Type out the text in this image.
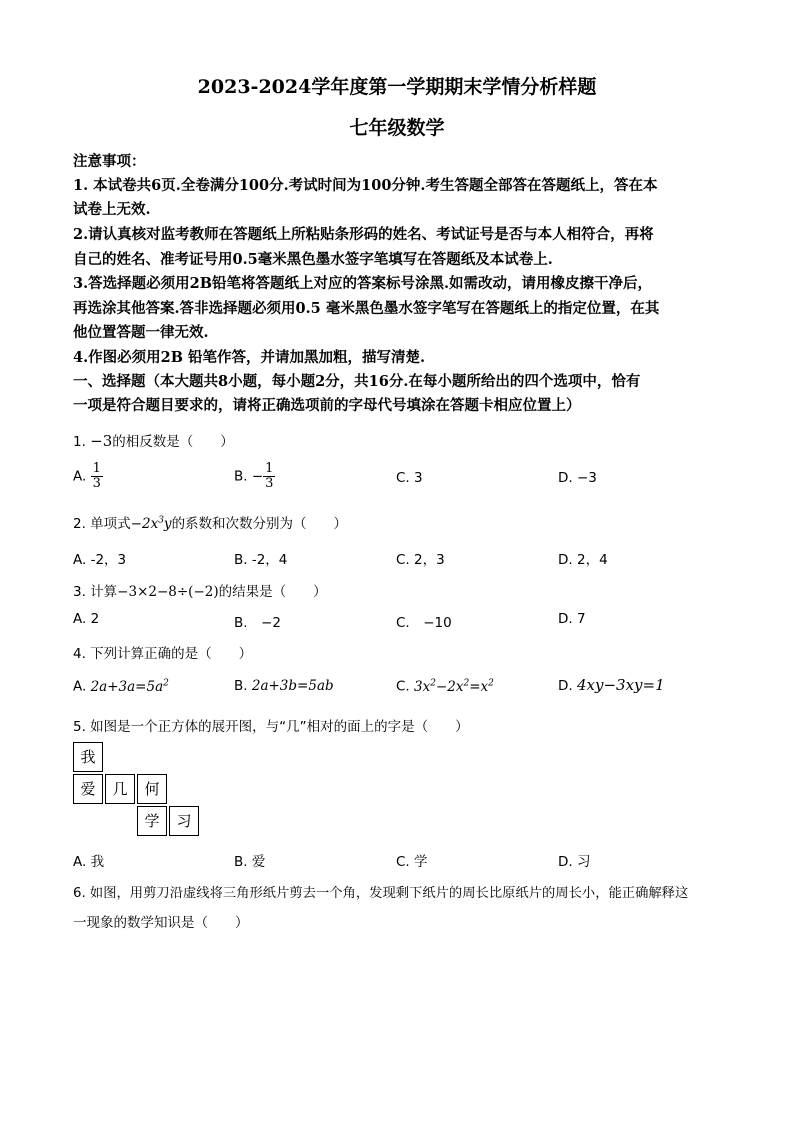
2023-2024学年度第一学期期末学情分析样题
七年级数学
注意事项：
1. 本试卷共6页.全卷满分100分.考试时间为100分钟.考生答题全部答在答题纸上，答在本
试卷上无效.
2.请认真核对监考教师在答题纸上所粘贴条形码的姓名、考试证号是否与本人相符合，再将
自己的姓名、准考证号用0.5毫米黑色墨水签字笔填写在答题纸及本试卷上.
3.答选择题必须用2B铅笔将答题纸上对应的答案标号涂黑.如需改动，请用橡皮擦干净后，
再选涂其他答案.答非选择题必须用0.5 毫米黑色墨水签字笔写在答题纸上的指定位置，在其
他位置答题一律无效.
4.作图必须用2B 铅笔作答，并请加黑加粗，描写清楚.
一、选择题（本大题共8小题，每小题2分，共16分.在每小题所给出的四个选项中，恰有
一项是符合题目要求的，请将正确选项前的字母代号填涂在答题卡相应位置上）
1. −3的相反数是（　　）
A. $\frac{1}{3}$	B. − $\frac{1}{3}$	C. 3	D. −3
2. 单项式$-2x^3y$的系数和次数分别为（　　）
A. -2，3	B. -2，4	C. 2，3	D. 2，4
3. 计算−3×2−8÷(−2)的结果是（　　）
A. 2	B.　−2	C.　−10	D. 7
4. 下列计算正确的是（　　）
A. $2a+3a=5a^2$	B. 2a+3b=5ab	C. $3x^2-2x^2=x^2$	D. 4xy−3xy=1
5. 如图是一个正方体的展开图，与“几”相对的面上的字是（　　）
我
爱	几	何
学	习
A. 我	B. 爱	C. 学	D. 习
6. 如图，用剪刀沿虚线将三角形纸片剪去一个角，发现剩下纸片的周长比原纸片的周长小，能正确解释这
一现象的数学知识是（　　）
